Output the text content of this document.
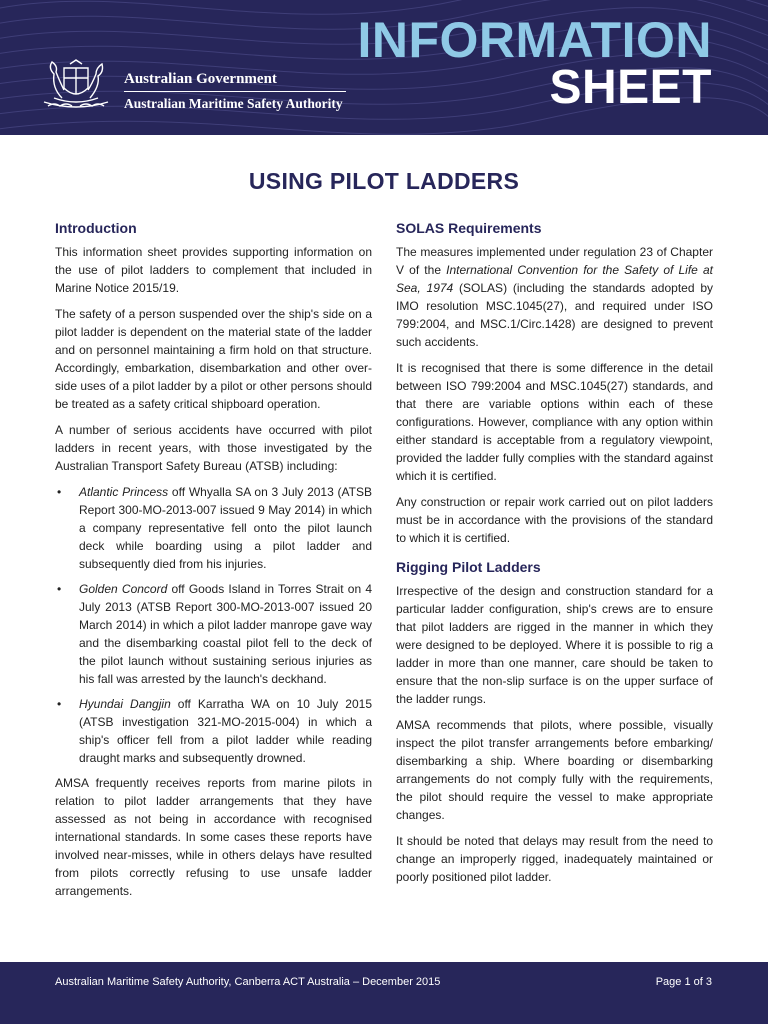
Australian Government
Australian Maritime Safety Authority
INFORMATION
SHEET
USING PILOT LADDERS
Introduction

This information sheet provides supporting information on the use of pilot ladders to complement that included in Marine Notice 2015/19.

The safety of a person suspended over the ship's side on a pilot ladder is dependent on the material state of the ladder and on personnel maintaining a firm hold on that structure. Accordingly, embarkation, disembarkation and other over-side uses of a pilot ladder by a pilot or other persons should be treated as a safety critical shipboard operation.

A number of serious accidents have occurred with pilot ladders in recent years, with those investigated by the Australian Transport Safety Bureau (ATSB) including:

• Atlantic Princess off Whyalla SA on 3 July 2013 (ATSB Report 300-MO-2013-007 issued 9 May 2014) in which a company representative fell onto the pilot launch deck while boarding using a pilot ladder and subsequently died from his injuries.
• Golden Concord off Goods Island in Torres Strait on 4 July 2013 (ATSB Report 300-MO-2013-007 issued 20 March 2014) in which a pilot ladder manrope gave way and the disembarking coastal pilot fell to the deck of the pilot launch without sustaining serious injuries as his fall was arrested by the launch's deckhand.
• Hyundai Dangjin off Karratha WA on 10 July 2015 (ATSB investigation 321-MO-2015-004) in which a ship's officer fell from a pilot ladder while reading draught marks and subsequently drowned.

AMSA frequently receives reports from marine pilots in relation to pilot ladder arrangements that they have assessed as not being in accordance with recognised international standards. In some cases these reports have involved near-misses, while in others delays have resulted from pilots correctly refusing to use unsafe ladder arrangements.

SOLAS Requirements

The measures implemented under regulation 23 of Chapter V of the International Convention for the Safety of Life at Sea, 1974 (SOLAS) (including the standards adopted by IMO resolution MSC.1045(27), and required under ISO 799:2004, and MSC.1/Circ.1428) are designed to prevent such accidents.

It is recognised that there is some difference in the detail between ISO 799:2004 and MSC.1045(27) standards, and that there are variable options within each of these configurations. However, compliance with any option within either standard is acceptable from a regulatory viewpoint, provided the ladder fully complies with the standard against which it is certified.

Any construction or repair work carried out on pilot ladders must be in accordance with the provisions of the standard to which it is certified.

Rigging Pilot Ladders

Irrespective of the design and construction standard for a particular ladder configuration, ship's crews are to ensure that pilot ladders are rigged in the manner in which they were designed to be deployed. Where it is possible to rig a ladder in more than one manner, care should be taken to ensure that the non-slip surface is on the upper surface of the ladder rungs.

AMSA recommends that pilots, where possible, visually inspect the pilot transfer arrangements before embarking/ disembarking a ship. Where boarding or disembarking arrangements do not comply fully with the requirements, the pilot should require the vessel to make appropriate changes.

It should be noted that delays may result from the need to change an improperly rigged, inadequately maintained or poorly positioned pilot ladder.

Australian Maritime Safety Authority, Canberra ACT Australia – December 2015	Page 1 of 3
